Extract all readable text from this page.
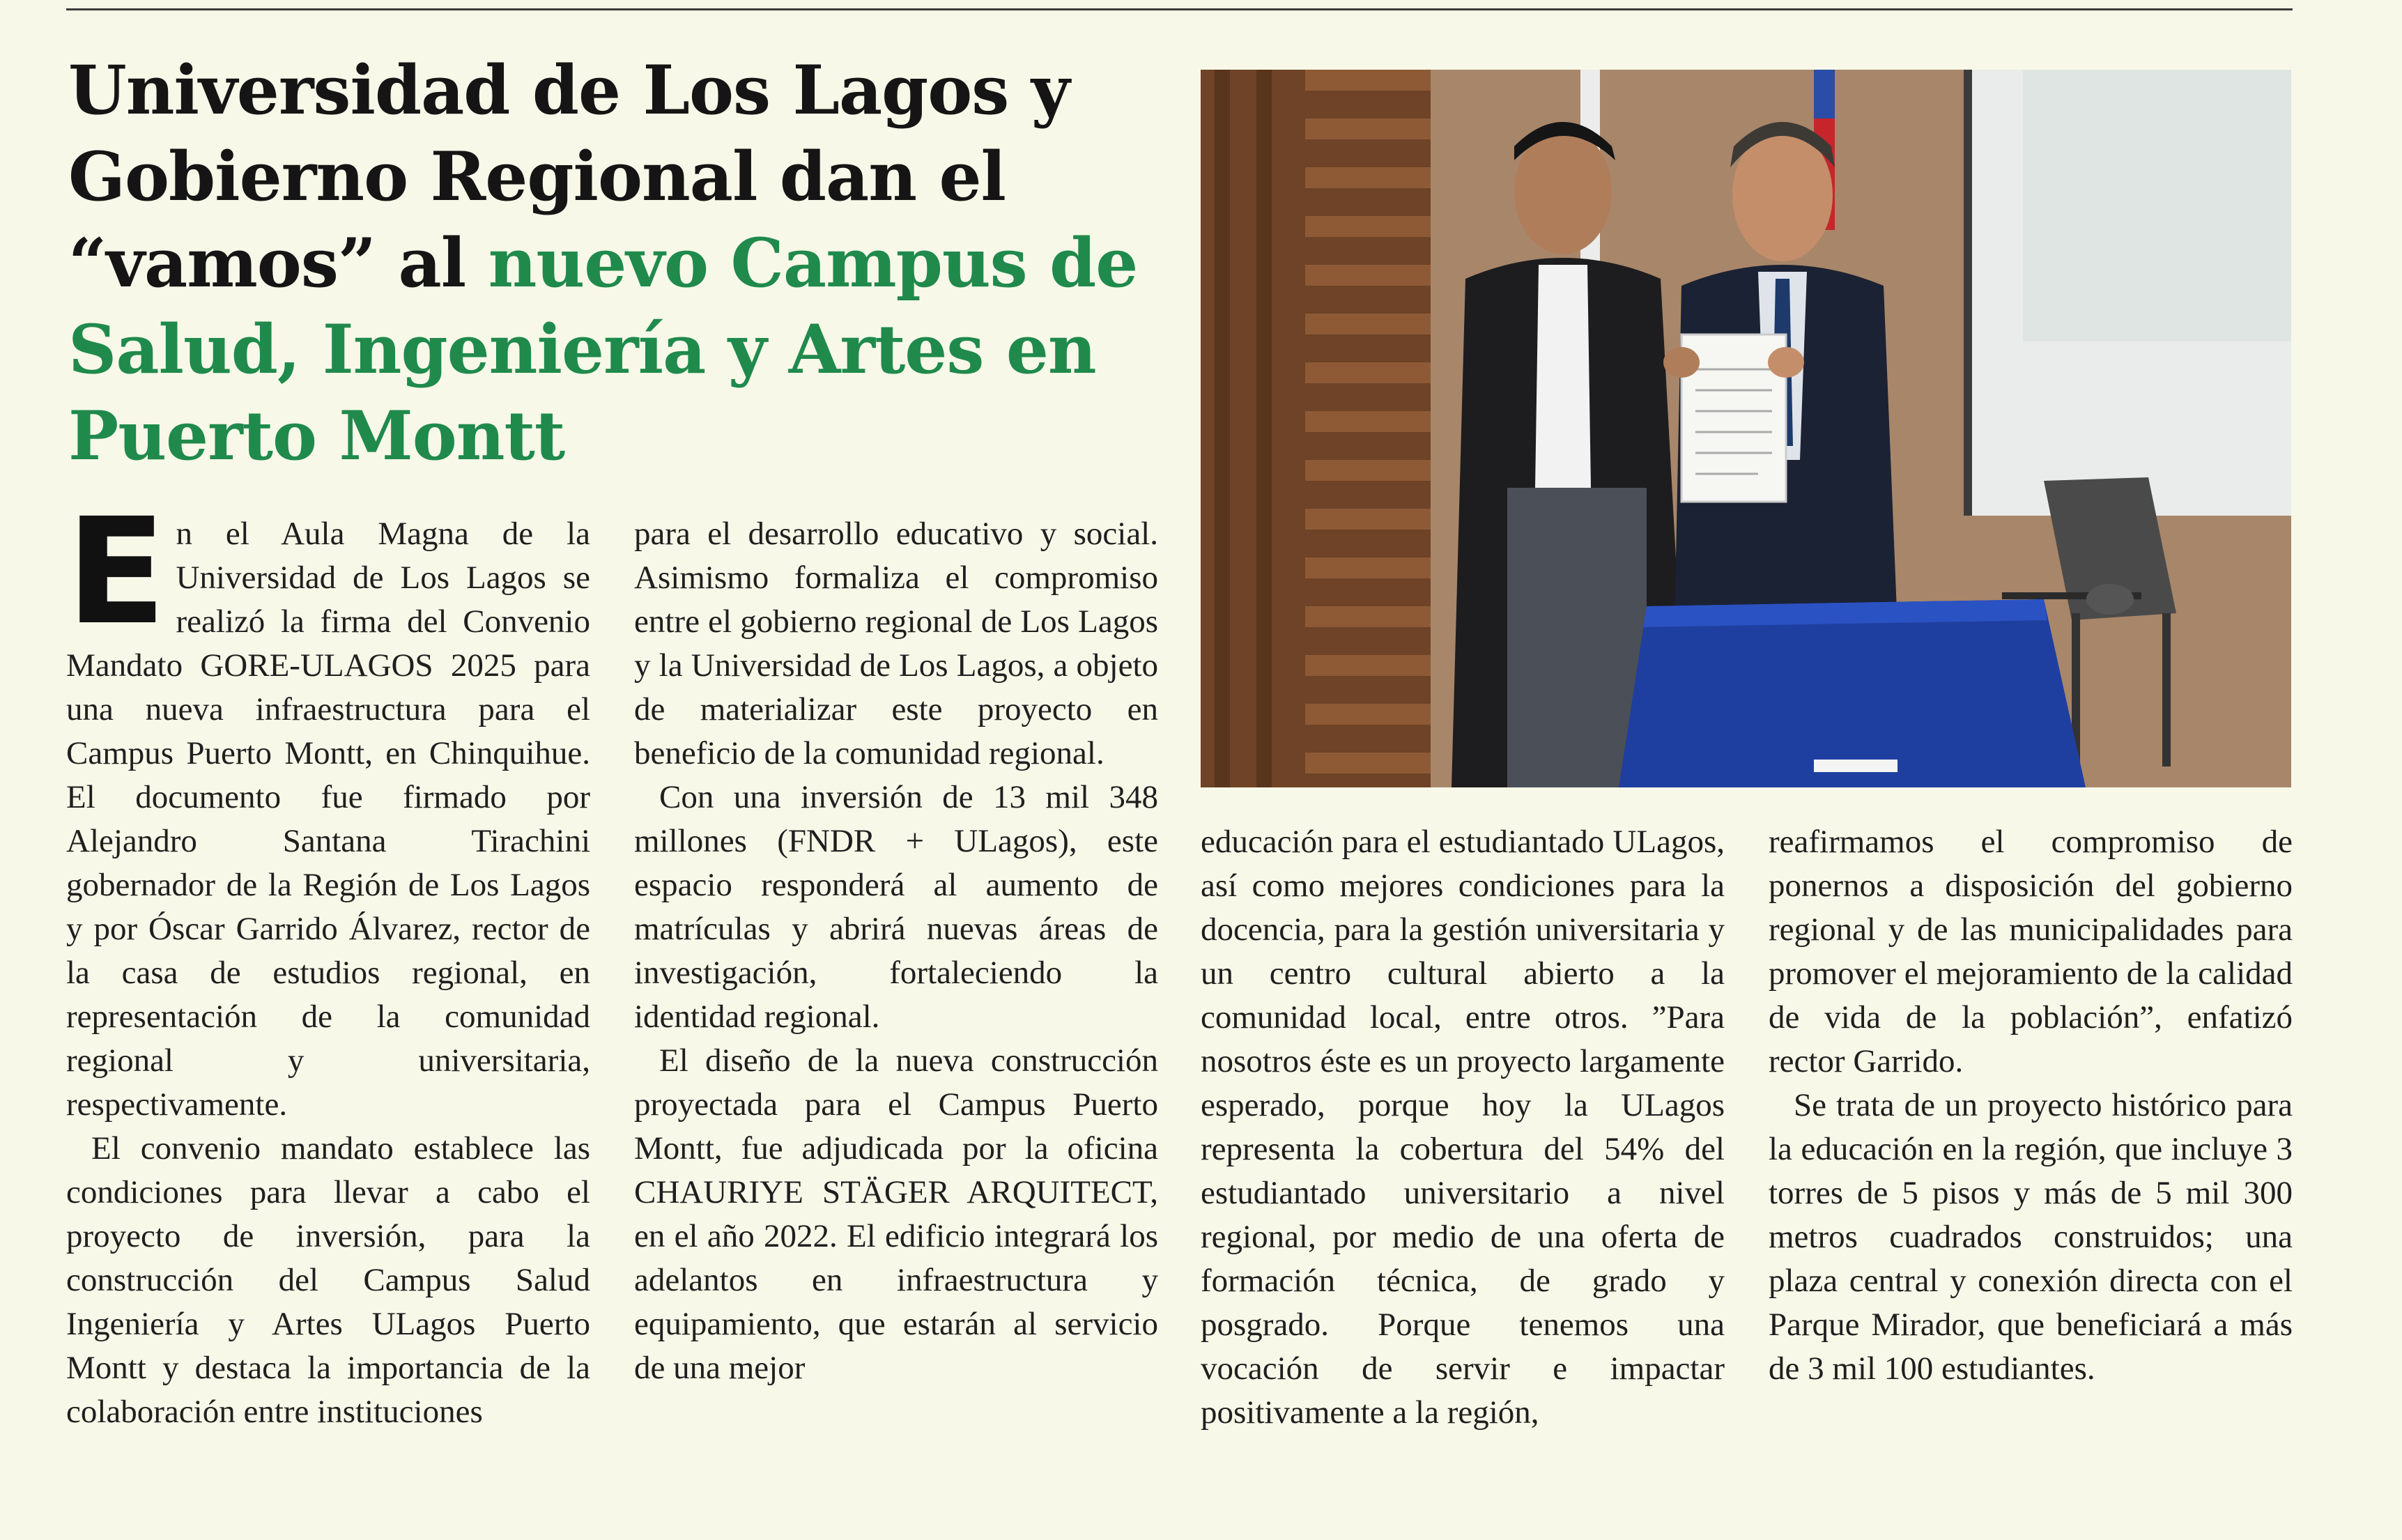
Universidad de Los Lagos y Gobierno Regional dan el “vamos” al nuevo Campus de Salud, Ingeniería y Artes en Puerto Montt

En el Aula Magna de la Universidad de Los Lagos se realizó la firma del Convenio Mandato GORE-ULAGOS 2025 para una nueva infraestructura para el Campus Puerto Montt, en Chinquihue. El documento fue firmado por Alejandro Santana Tirachini gobernador de la Región de Los Lagos y por Óscar Garrido Álvarez, rector de la casa de estudios regional, en representación de la comunidad regional y universitaria, respectivamente.

El convenio mandato establece las condiciones para llevar a cabo el proyecto de inversión, para la construcción del Campus Salud Ingeniería y Artes ULagos Puerto Montt y destaca la importancia de la colaboración entre instituciones

para el desarrollo educativo y social. Asimismo formaliza el compromiso entre el gobierno regional de Los Lagos y la Universidad de Los Lagos, a objeto de materializar este proyecto en beneficio de la comunidad regional.

Con una inversión de 13 mil 348 millones (FNDR + ULagos), este espacio responderá al aumento de matrículas y abrirá nuevas áreas de investigación, fortaleciendo la identidad regional.

El diseño de la nueva construcción proyectada para el Campus Puerto Montt, fue adjudicada por la oficina CHAURIYE STÄGER ARQUITECT, en el año 2022. El edificio integrará los adelantos en infraestructura y equipamiento, que estarán al servicio de una mejor

educación para el estudiantado ULagos, así como mejores condiciones para la docencia, para la gestión universitaria y un centro cultural abierto a la comunidad local, entre otros. ”Para nosotros éste es un proyecto largamente esperado, porque hoy la ULagos representa la cobertura del 54% del estudiantado universitario a nivel regional, por medio de una oferta de formación técnica, de grado y posgrado. Porque tenemos una vocación de servir e impactar positivamente a la región,

reafirmamos el compromiso de ponernos a disposición del gobierno regional y de las municipalidades para promover el mejoramiento de la calidad de vida de la población”, enfatizó rector Garrido.

Se trata de un proyecto histórico para la educación en la región, que incluye 3 torres de 5 pisos y más de 5 mil 300 metros cuadrados construidos; una plaza central y conexión directa con el Parque Mirador, que beneficiará a más de 3 mil 100 estudiantes.
